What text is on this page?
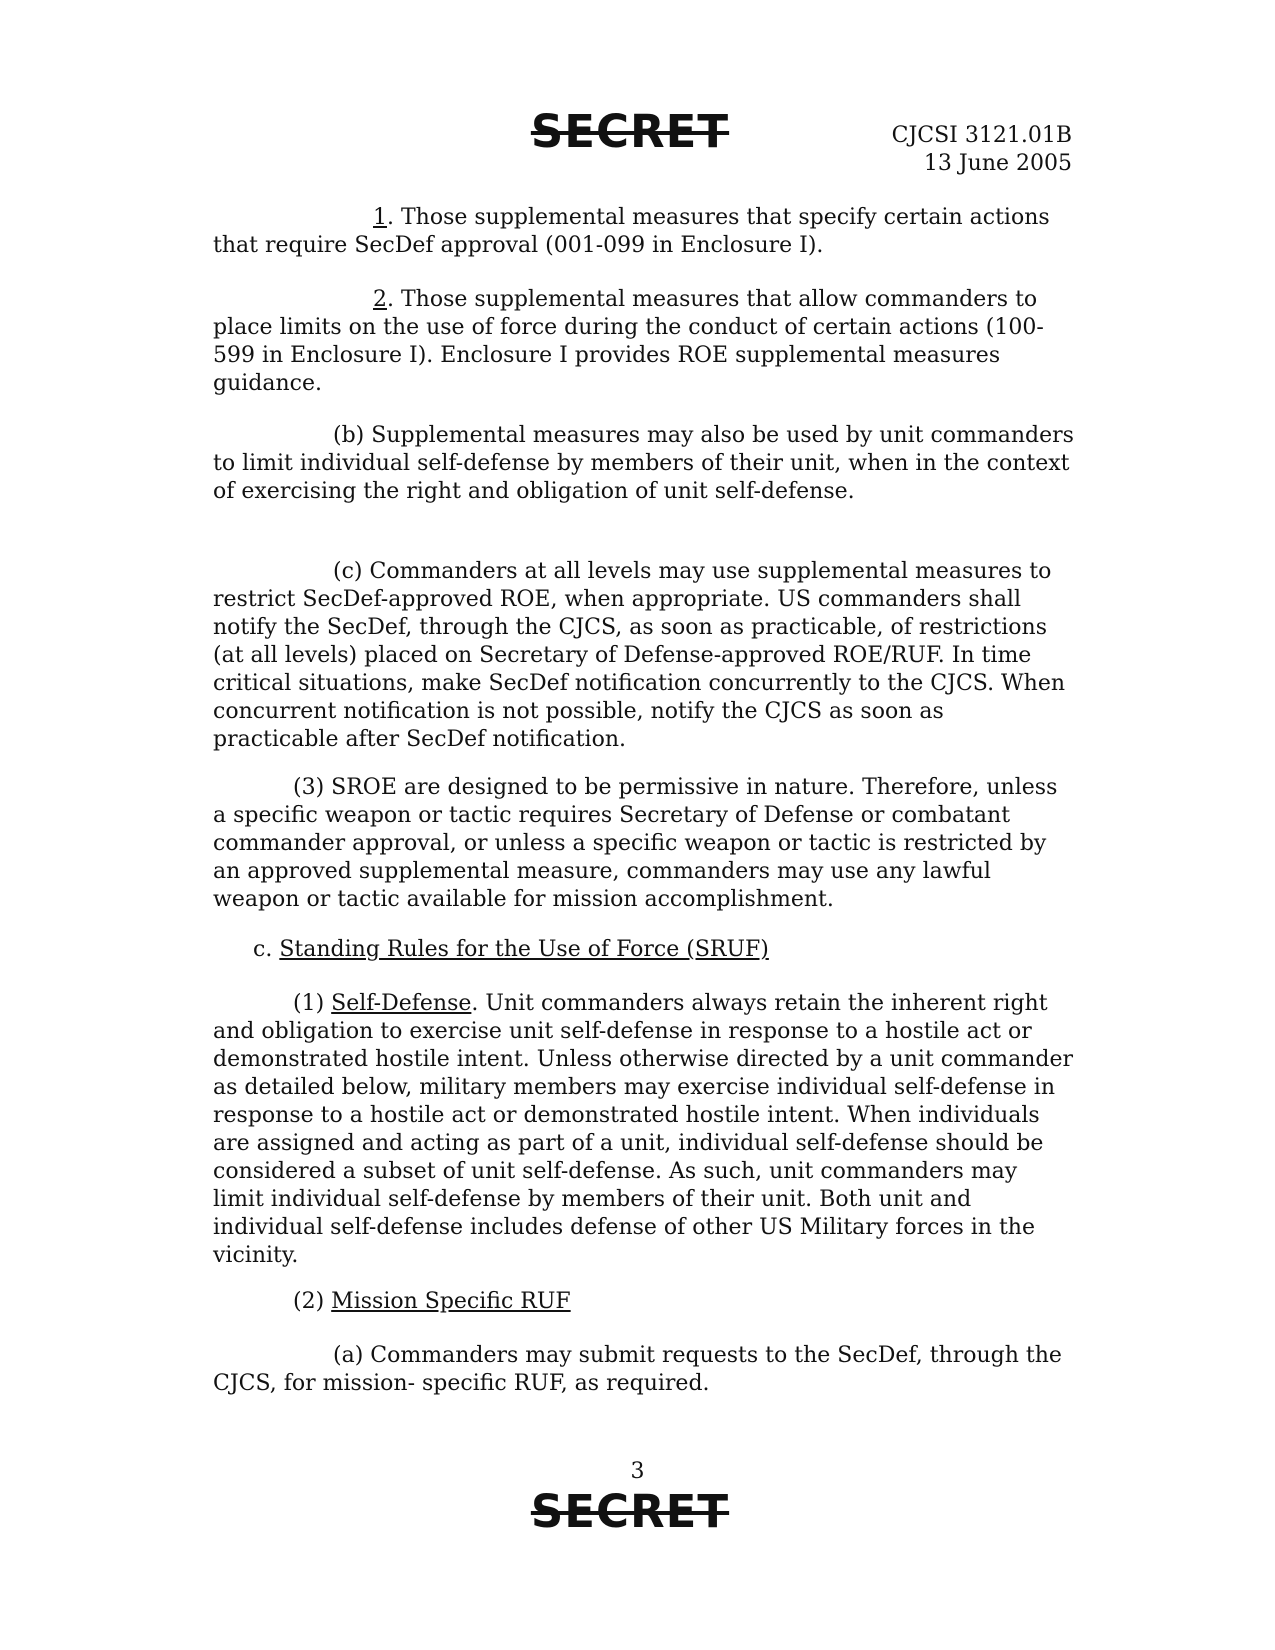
SECRET	CJCSI 3121.01B
13 June 2005

1. Those supplemental measures that specify certain actions that require SecDef approval (001-099 in Enclosure I).

2. Those supplemental measures that allow commanders to place limits on the use of force during the conduct of certain actions (100-599 in Enclosure I). Enclosure I provides ROE supplemental measures guidance.

(b) Supplemental measures may also be used by unit commanders to limit individual self-defense by members of their unit, when in the context of exercising the right and obligation of unit self-defense.

(c) Commanders at all levels may use supplemental measures to restrict SecDef-approved ROE, when appropriate. US commanders shall notify the SecDef, through the CJCS, as soon as practicable, of restrictions (at all levels) placed on Secretary of Defense-approved ROE/RUF. In time critical situations, make SecDef notification concurrently to the CJCS. When concurrent notification is not possible, notify the CJCS as soon as practicable after SecDef notification.

(3) SROE are designed to be permissive in nature. Therefore, unless a specific weapon or tactic requires Secretary of Defense or combatant commander approval, or unless a specific weapon or tactic is restricted by an approved supplemental measure, commanders may use any lawful weapon or tactic available for mission accomplishment.

c. Standing Rules for the Use of Force (SRUF)

(1) Self-Defense. Unit commanders always retain the inherent right and obligation to exercise unit self-defense in response to a hostile act or demonstrated hostile intent. Unless otherwise directed by a unit commander as detailed below, military members may exercise individual self-defense in response to a hostile act or demonstrated hostile intent. When individuals are assigned and acting as part of a unit, individual self-defense should be considered a subset of unit self-defense. As such, unit commanders may limit individual self-defense by members of their unit. Both unit and individual self-defense includes defense of other US Military forces in the vicinity.

(2) Mission Specific RUF

(a) Commanders may submit requests to the SecDef, through the CJCS, for mission- specific RUF, as required.

3
SECRET
